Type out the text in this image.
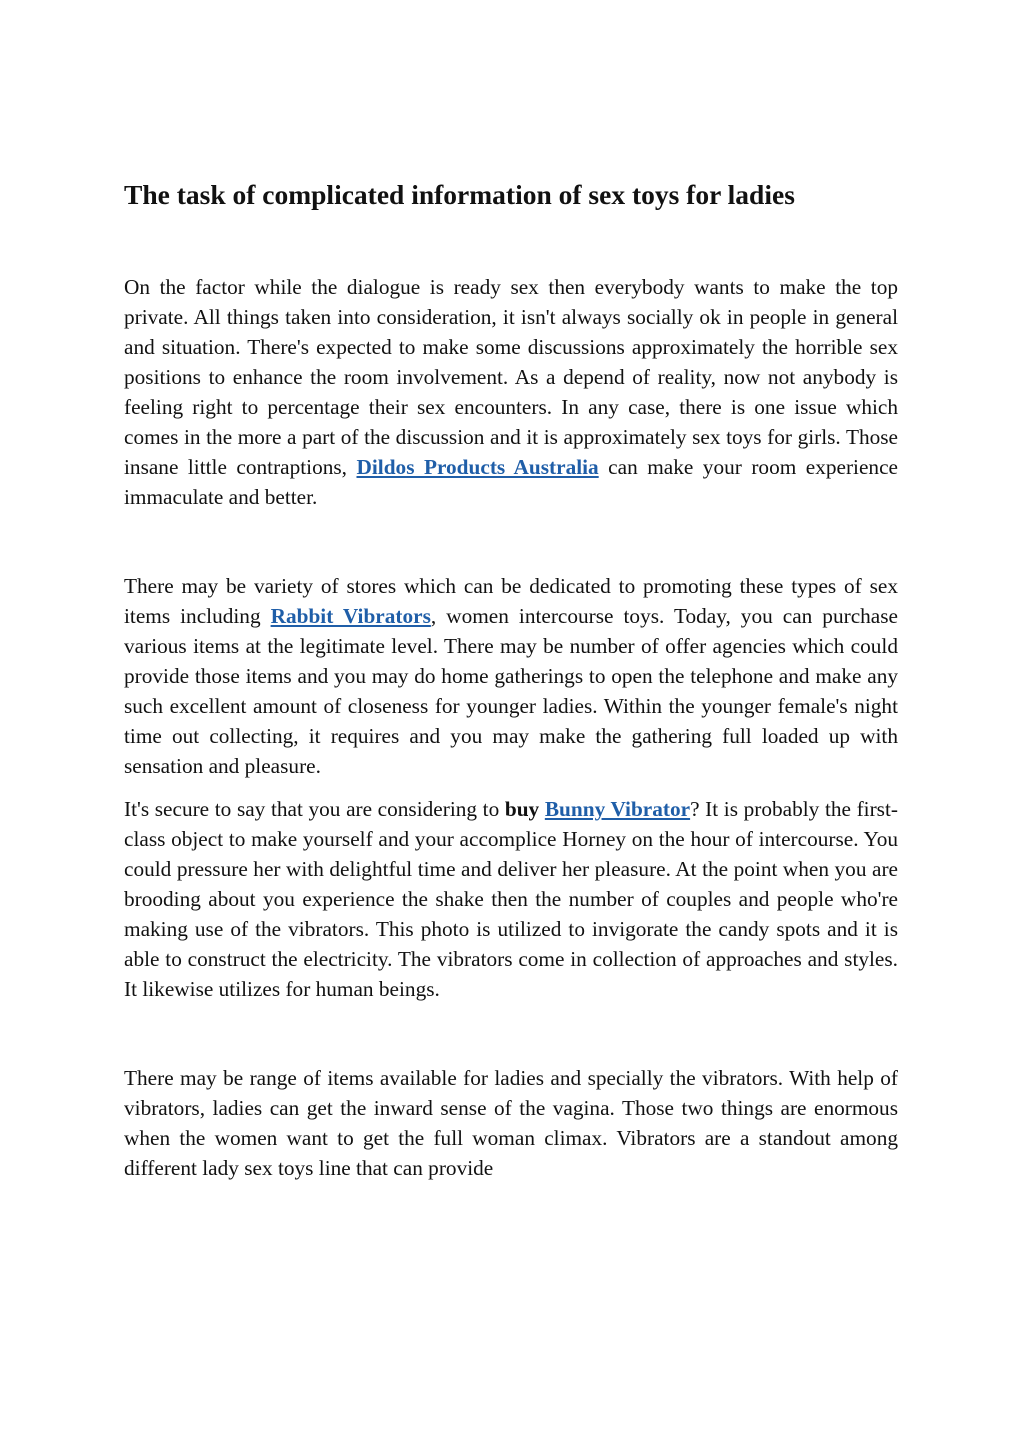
The task of complicated information of sex toys for ladies

On the factor while the dialogue is ready sex then everybody wants to make the top private. All things taken into consideration, it isn't always socially ok in people in general and situation. There's expected to make some discussions approximately the horrible sex positions to enhance the room involvement. As a depend of reality, now not anybody is feeling right to percentage their sex encounters. In any case, there is one issue which comes in the more a part of the discussion and it is approximately sex toys for girls. Those insane little contraptions, Dildos Products Australia can make your room experience immaculate and better.

There may be variety of stores which can be dedicated to promoting these types of sex items including Rabbit Vibrators, women intercourse toys. Today, you can purchase various items at the legitimate level. There may be number of offer agencies which could provide those items and you may do home gatherings to open the telephone and make any such excellent amount of closeness for younger ladies. Within the younger female's night time out collecting, it requires and you may make the gathering full loaded up with sensation and pleasure.

It's secure to say that you are considering to buy Bunny Vibrator? It is probably the first-class object to make yourself and your accomplice Horney on the hour of intercourse. You could pressure her with delightful time and deliver her pleasure. At the point when you are brooding about you experience the shake then the number of couples and people who're making use of the vibrators. This photo is utilized to invigorate the candy spots and it is able to construct the electricity. The vibrators come in collection of approaches and styles. It likewise utilizes for human beings.

There may be range of items available for ladies and specially the vibrators. With help of vibrators, ladies can get the inward sense of the vagina. Those two things are enormous when the women want to get the full woman climax. Vibrators are a standout among different lady sex toys line that can provide
